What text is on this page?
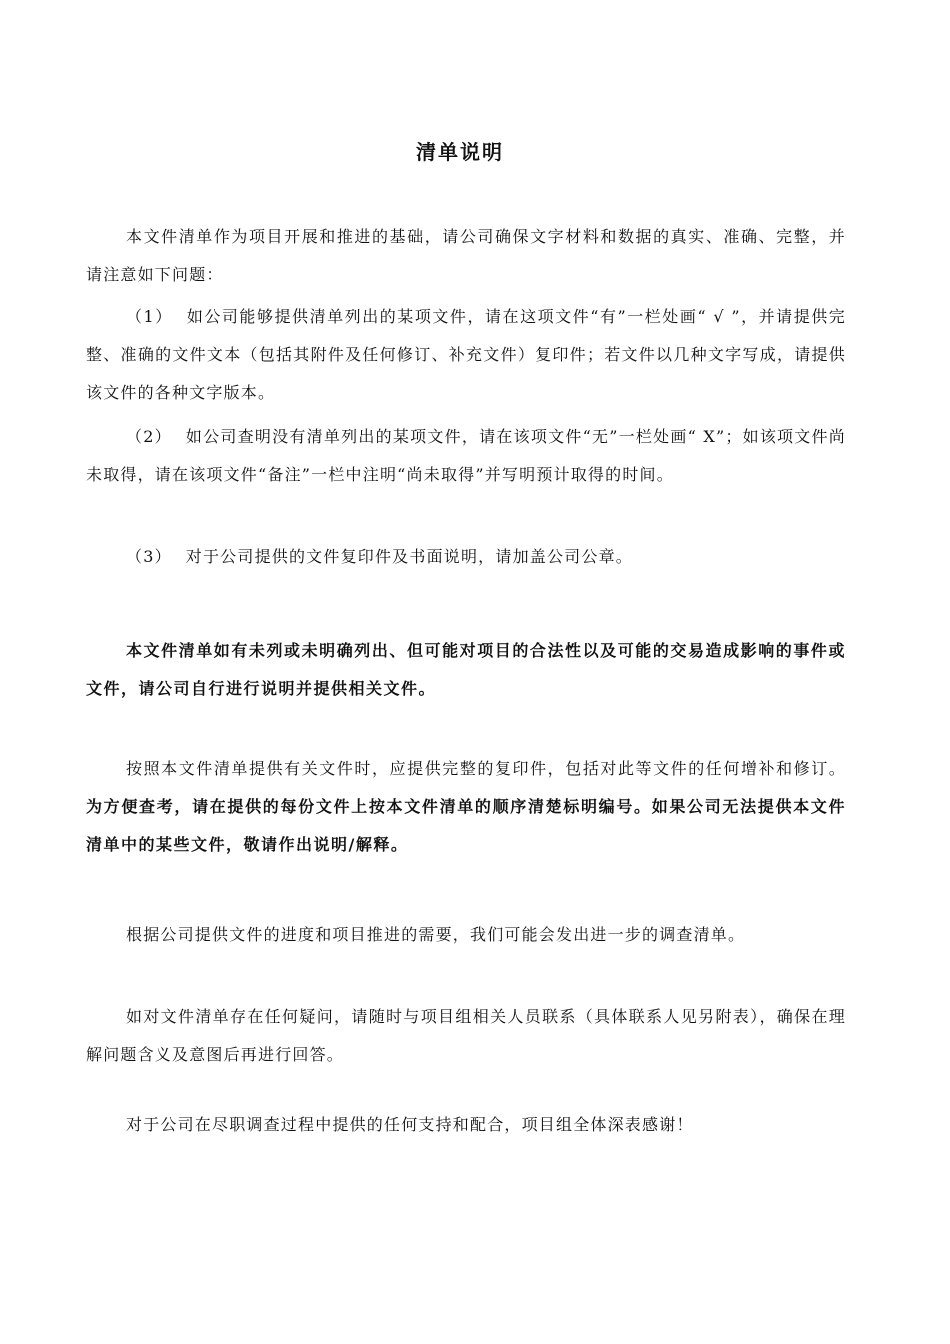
清单说明

本文件清单作为项目开展和推进的基础，请公司确保文字材料和数据的真实、准确、完整，并请注意如下问题：

（1） 如公司能够提供清单列出的某项文件，请在这项文件“有”一栏处画“ √ ”，并请提供完整、准确的文件文本（包括其附件及任何修订、补充文件）复印件；若文件以几种文字写成，请提供该文件的各种文字版本。

（2） 如公司查明没有清单列出的某项文件，请在该项文件“无”一栏处画“ X”；如该项文件尚未取得，请在该项文件“备注”一栏中注明“尚未取得”并写明预计取得的时间。

（3） 对于公司提供的文件复印件及书面说明，请加盖公司公章。

本文件清单如有未列或未明确列出、但可能对项目的合法性以及可能的交易造成影响的事件或文件，请公司自行进行说明并提供相关文件。

按照本文件清单提供有关文件时，应提供完整的复印件，包括对此等文件的任何增补和修订。为方便查考，请在提供的每份文件上按本文件清单的顺序清楚标明编号。如果公司无法提供本文件清单中的某些文件，敬请作出说明/解释。

根据公司提供文件的进度和项目推进的需要，我们可能会发出进一步的调查清单。

如对文件清单存在任何疑问，请随时与项目组相关人员联系（具体联系人见另附表），确保在理解问题含义及意图后再进行回答。

对于公司在尽职调查过程中提供的任何支持和配合，项目组全体深表感谢！
